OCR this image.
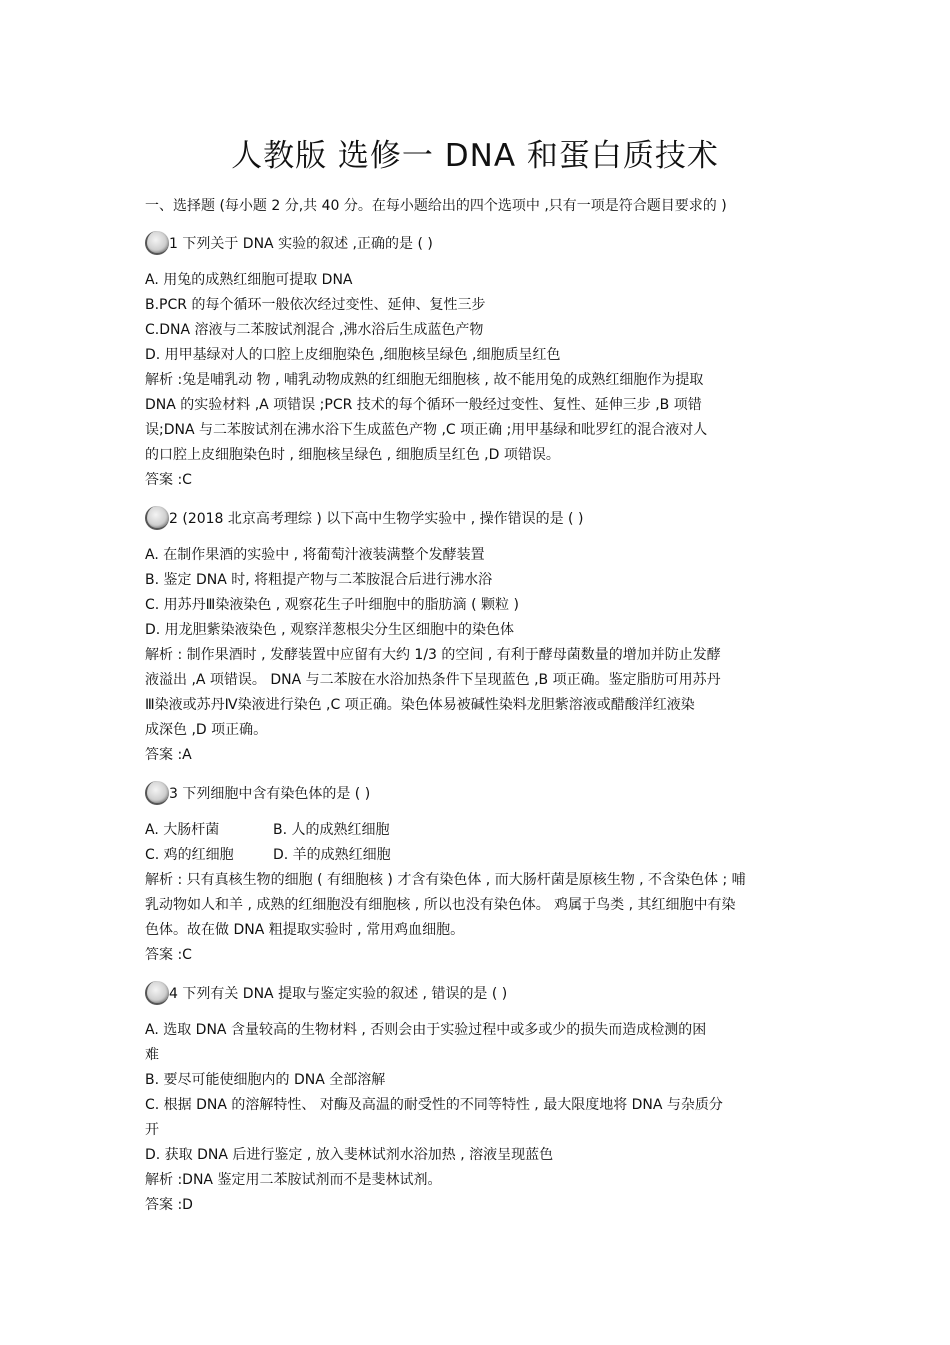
人教版 选修一 DNA 和蛋白质技术
一、选择题 (每小题 2 分,共 40 分。在每小题给出的四个选项中 ,只有一项是符合题目要求的 )
1 下列关于 DNA 实验的叙述 ,正确的是 ( )
A. 用兔的成熟红细胞可提取 DNA
B.PCR 的每个循环一般依次经过变性、延伸、复性三步
C.DNA 溶液与二苯胺试剂混合 ,沸水浴后生成蓝色产物
D. 用甲基绿对人的口腔上皮细胞染色 ,细胞核呈绿色 ,细胞质呈红色
解析 :兔是哺乳动 物 , 哺乳动物成熟的红细胞无细胞核 , 故不能用兔的成熟红细胞作为提取
DNA 的实验材料 ,A 项错误 ;PCR 技术的每个循环一般经过变性、复性、延伸三步 ,B 项错
误;DNA 与二苯胺试剂在沸水浴下生成蓝色产物 ,C 项正确 ;用甲基绿和吡罗红的混合液对人
的口腔上皮细胞染色时 , 细胞核呈绿色 , 细胞质呈红色 ,D 项错误。
答案 :C
2 (2018 北京高考理综 ) 以下高中生物学实验中 , 操作错误的是 ( )
A. 在制作果酒的实验中 , 将葡萄汁液装满整个发酵装置
B. 鉴定 DNA 时, 将粗提产物与二苯胺混合后进行沸水浴
C. 用苏丹Ⅲ染液染色 , 观察花生子叶细胞中的脂肪滴 ( 颗粒 )
D. 用龙胆紫染液染色 , 观察洋葱根尖分生区细胞中的染色体
解析 : 制作果酒时 , 发酵装置中应留有大约 1/3 的空间 , 有利于酵母菌数量的增加并防止发酵
液溢出 ,A 项错误。 DNA 与二苯胺在水浴加热条件下呈现蓝色 ,B 项正确。鉴定脂肪可用苏丹
Ⅲ染液或苏丹Ⅳ染液进行染色 ,C 项正确。染色体易被碱性染料龙胆紫溶液或醋酸洋红液染
成深色 ,D 项正确。
答案 :A
3 下列细胞中含有染色体的是 ( )
A. 大肠杆菌	B. 人的成熟红细胞
C. 鸡的红细胞	D. 羊的成熟红细胞
解析 : 只有真核生物的细胞 ( 有细胞核 ) 才含有染色体 , 而大肠杆菌是原核生物 , 不含染色体 ; 哺
乳动物如人和羊 , 成熟的红细胞没有细胞核 , 所以也没有染色体。 鸡属于鸟类 , 其红细胞中有染
色体。故在做 DNA 粗提取实验时 , 常用鸡血细胞。
答案 :C
4 下列有关 DNA 提取与鉴定实验的叙述 , 错误的是 ( )
A. 选取 DNA 含量较高的生物材料 , 否则会由于实验过程中或多或少的损失而造成检测的困
难
B. 要尽可能使细胞内的 DNA 全部溶解
C. 根据 DNA 的溶解特性、 对酶及高温的耐受性的不同等特性 , 最大限度地将 DNA 与杂质分
开
D. 获取 DNA 后进行鉴定 , 放入斐林试剂水浴加热 , 溶液呈现蓝色
解析 :DNA 鉴定用二苯胺试剂而不是斐林试剂。
答案 :D
